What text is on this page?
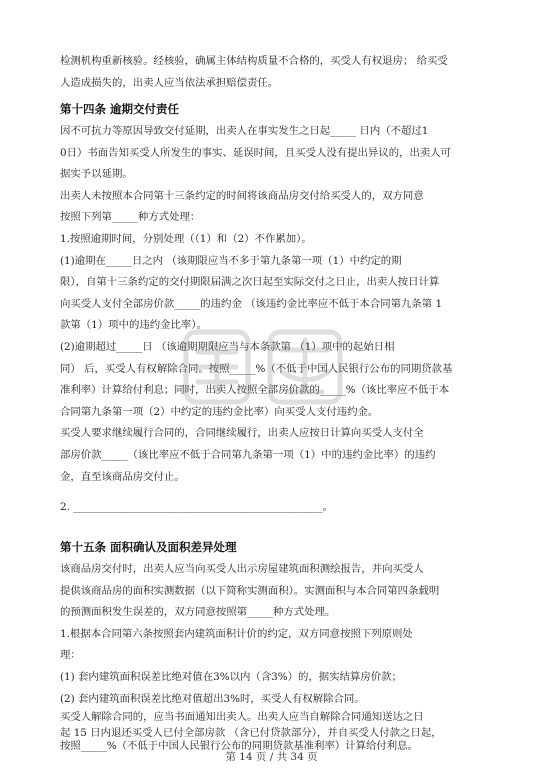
检测机构重新核验。经核验，确属主体结构质量不合格的，买受人有权退房； 给买受
人造成损失的，出卖人应当依法承担赔偿责任。
第十四条 逾期交付责任
因不可抗力等原因导致交付延期，出卖人在事实发生之日起_____ 日内（不超过1
0日）书面告知买受人所发生的事实、延误时间，且买受人没有提出异议的，出卖人可
据实予以延期。
出卖人未按照本合同第十三条约定的时间将该商品房交付给买受人的，双方同意
按照下列第_____种方式处理：
1.按照逾期时间，分别处理（（1）和（2）不作累加）。
(1)逾期在_____日之内 （该期限应当不多于第九条第一项（1）中约定的期
限），自第十三条约定的交付期限届满之次日起至实际交付之日止，出卖人按日计算
向买受人支付全部房价款_____的违约金 （该违约金比率应不低于本合同第九条第 1
款第（1）项中的违约金比率）。
(2)逾期超过_____日 （该逾期期限应当与本条款第 （1）项中的起始日相
同） 后，买受人有权解除合同。按照_____%（不低于中国人民银行公布的同期贷款基
准利率）计算给付利息；同时，出卖人按照全部房价款的_____%（该比率应不低于本
合同第九条第一项（2）中约定的违约金比率）向买受人支付违约金。
买受人要求继续履行合同的，合同继续履行，出卖人应按日计算向买受人支付全
部房价款_____（该比率应不低于合同第九条第一项（1）中的违约金比率）的违约
金，直至该商品房交付止。
2. ________________________________________________。
第十五条 面积确认及面积差异处理
该商品房交付时，出卖人应当向买受人出示房屋建筑面积测绘报告，并向买受人
提供该商品房的面积实测数据（以下简称实测面积）。实测面积与本合同第四条载明
的预测面积发生误差的，双方同意按照第_____种方式处理。
1.根据本合同第六条按照套内建筑面积计价的约定，双方同意按照下列原则处
理：
(1) 套内建筑面积误差比绝对值在3%以内（含3%）的，据实结算房价款；
(2) 套内建筑面积误差比绝对值超出3%时，买受人有权解除合同。
买受人解除合同的，应当书面通知出卖人。出卖人应当自解除合同通知送达之日
起 15 日内退还买受人已付全部房款 （含已付贷款部分），并自买受人付款之日起，
按照_____%（不低于中国人民银行公布的同期贷款基准利率）计算给付利息。
第 14 页 / 共 34 页
